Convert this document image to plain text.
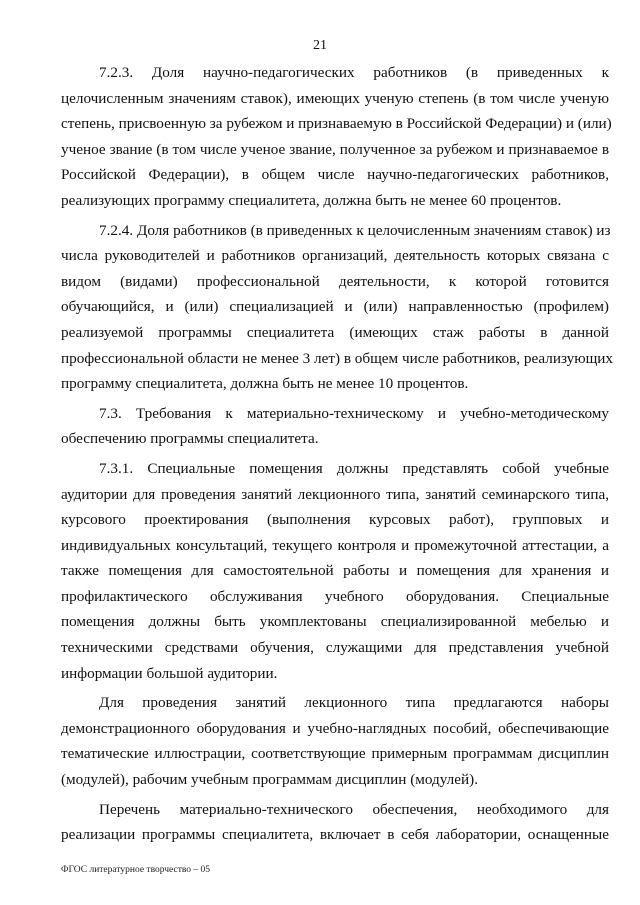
21
7.2.3. Доля научно-педагогических работников (в приведенных к
целочисленным значениям ставок), имеющих ученую степень (в том числе ученую
степень, присвоенную за рубежом и признаваемую в Российской Федерации) и (или)
ученое звание (в том числе ученое звание, полученное за рубежом и признаваемое в
Российской Федерации), в общем числе научно-педагогических работников,
реализующих программу специалитета, должна быть не менее 60 процентов.
7.2.4. Доля работников (в приведенных к целочисленным значениям ставок) из
числа руководителей и работников организаций, деятельность которых связана с
видом (видами) профессиональной деятельности, к которой готовится
обучающийся, и (или) специализацией и (или) направленностью (профилем)
реализуемой программы специалитета (имеющих стаж работы в данной
профессиональной области не менее 3 лет) в общем числе работников, реализующих
программу специалитета, должна быть не менее 10 процентов.
7.3. Требования к материально-техническому и учебно-методическому
обеспечению программы специалитета.
7.3.1. Специальные помещения должны представлять собой учебные
аудитории для проведения занятий лекционного типа, занятий семинарского типа,
курсового проектирования (выполнения курсовых работ), групповых и
индивидуальных консультаций, текущего контроля и промежуточной аттестации, а
также помещения для самостоятельной работы и помещения для хранения и
профилактического обслуживания учебного оборудования. Специальные
помещения должны быть укомплектованы специализированной мебелью и
техническими средствами обучения, служащими для представления учебной
информации большой аудитории.
Для проведения занятий лекционного типа предлагаются наборы
демонстрационного оборудования и учебно-наглядных пособий, обеспечивающие
тематические иллюстрации, соответствующие примерным программам дисциплин
(модулей), рабочим учебным программам дисциплин (модулей).
Перечень материально-технического обеспечения, необходимого для
реализации программы специалитета, включает в себя лаборатории, оснащенные
ФГОС литературное творчество – 05
